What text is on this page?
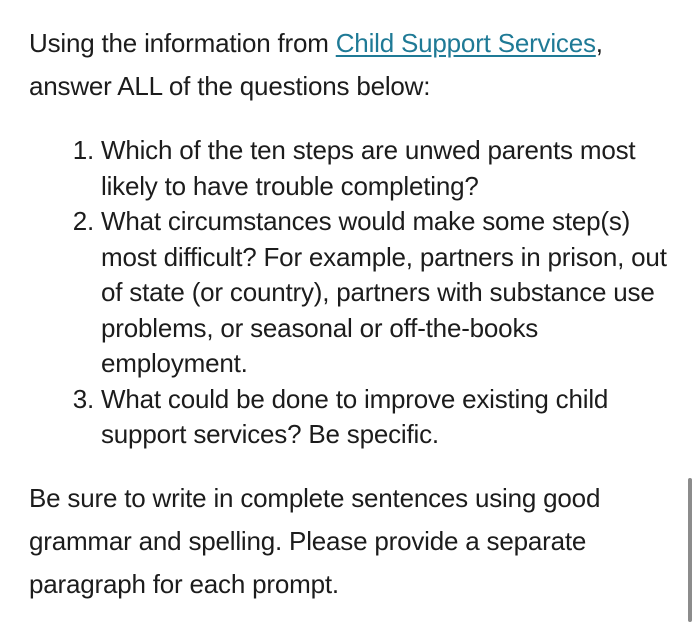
Using the information from Child Support Services, answer ALL of the questions below:

1. Which of the ten steps are unwed parents most likely to have trouble completing?
2. What circumstances would make some step(s) most difficult? For example, partners in prison, out of state (or country), partners with substance use problems, or seasonal or off-the-books employment.
3. What could be done to improve existing child support services? Be specific.

Be sure to write in complete sentences using good grammar and spelling. Please provide a separate paragraph for each prompt.
